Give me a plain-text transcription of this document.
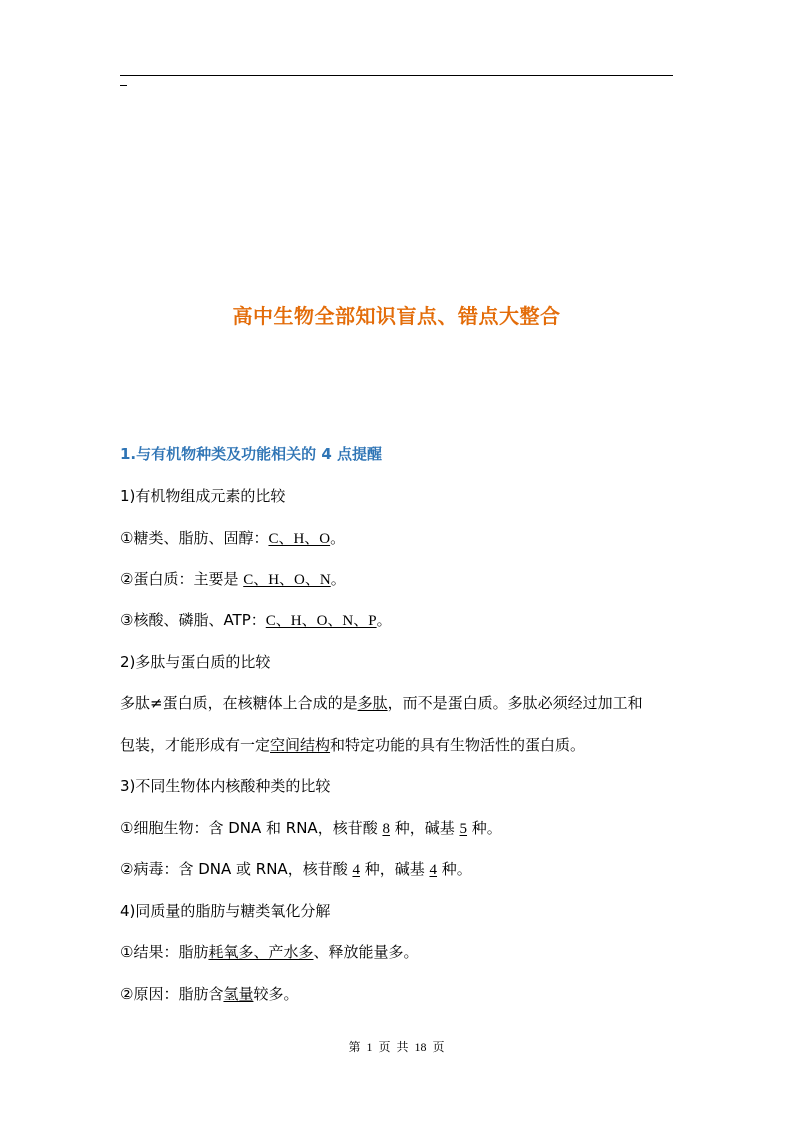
高中生物全部知识盲点、错点大整合
1.与有机物种类及功能相关的 4 点提醒
1)有机物组成元素的比较
①糖类、脂肪、固醇：C、H、O。
②蛋白质：主要是 C、H、O、N。
③核酸、磷脂、ATP：C、H、O、N、P。
2)多肽与蛋白质的比较
多肽≠蛋白质，在核糖体上合成的是多肽，而不是蛋白质。多肽必须经过加工和
包装，才能形成有一定空间结构和特定功能的具有生物活性的蛋白质。
3)不同生物体内核酸种类的比较
①细胞生物：含 DNA 和 RNA，核苷酸 8 种，碱基 5 种。
②病毒：含 DNA 或 RNA，核苷酸 4 种，碱基 4 种。
4)同质量的脂肪与糖类氧化分解
①结果：脂肪耗氧多、产水多、释放能量多。
②原因：脂肪含氢量较多。
第 1 页 共 18 页
